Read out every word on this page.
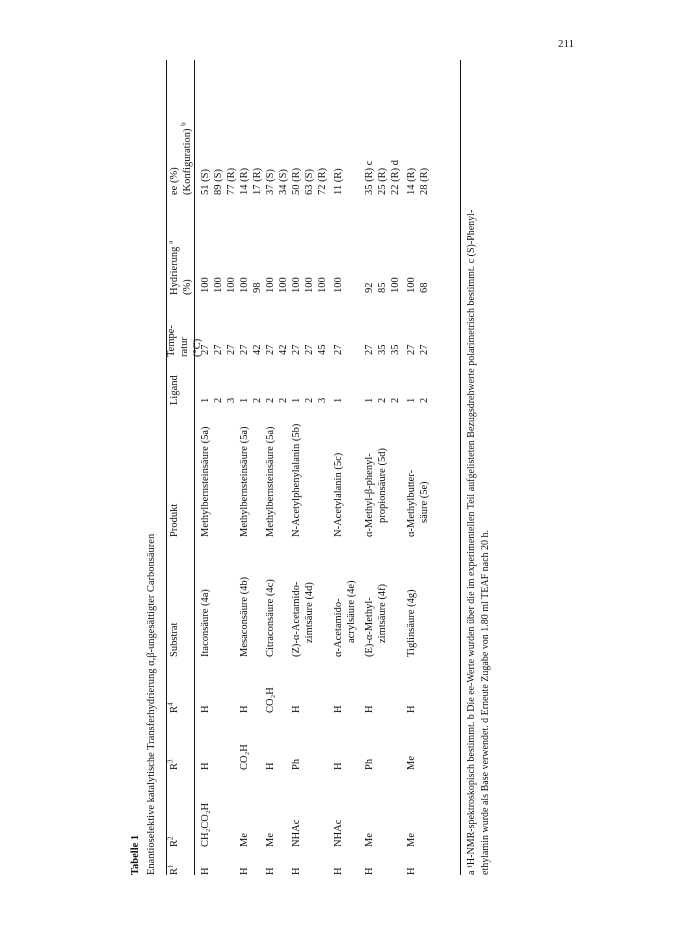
211
Tabelle 1 Enantioselektive katalytische Transferhydrierung α,β-ungesättigter Carbonsäuren $R^1$
$R^2$
$R^3$
$R^4$
Substrat
Produkt
Ligand
Tempe- ratur (°C)
Hydrierung $^a$
(%)
ee (%) (Konfiguration) $^b$
H
CH₂CO₂H
H
H
Itaconsäure (4a)
Methylbernsteinsäure (5a)
1
27
100
51 (S)
2
27
100
89 (S)
3
27
100
77 (R)
H
Me
CO₂H
H
Mesaconsäure (4b)
Methylbernsteinsäure (5a)
1
27
100
14 (R)
2
42
98
17 (R)
H
Me
H
CO₂H
Citraconsäure (4c)
Methylbernsteinsäure (5a)
2
27
100
37 (S)
2
42
100
34 (S)
H
NHAc
Ph
H
(Z)-α-Acetamido- zimtsäure (4d)
N-Acetylphenylalanin (5b)
1
27
100
50 (R)
2
27
100
63 (S)
3
45
100
72 (R)
H
NHAc
H
H
α-Acetamido- acrylsäure (4e)
N-Acetylalanin (5c)
1
27
100
11 (R)
H
Me
Ph
H
(E)-α-Methyl- zimtsäure (4f)
α-Methyl-β-phenyl- propionsäure (5d)
1
27
92
35 (R) c
2
35
85
25 (R)
2
35
100
22 (R) d
H
Me
Me
H
Tiglinsäure (4g)
α-Methylbutter- säure (5e)
1
27
100
14 (R)
2
27
68
28 (R)
a ¹H-NMR-spektroskopisch bestimmt. b Die ee-Werte wurden über die im experimentellen Teil aufgelisteten Bezugsdrehwerte polarimetrisch bestimmt. c (S)-Phenyl- ethylamin wurde als Base verwendet. d Erneute Zugabe von 1.80 ml TEAF nach 20 h.
